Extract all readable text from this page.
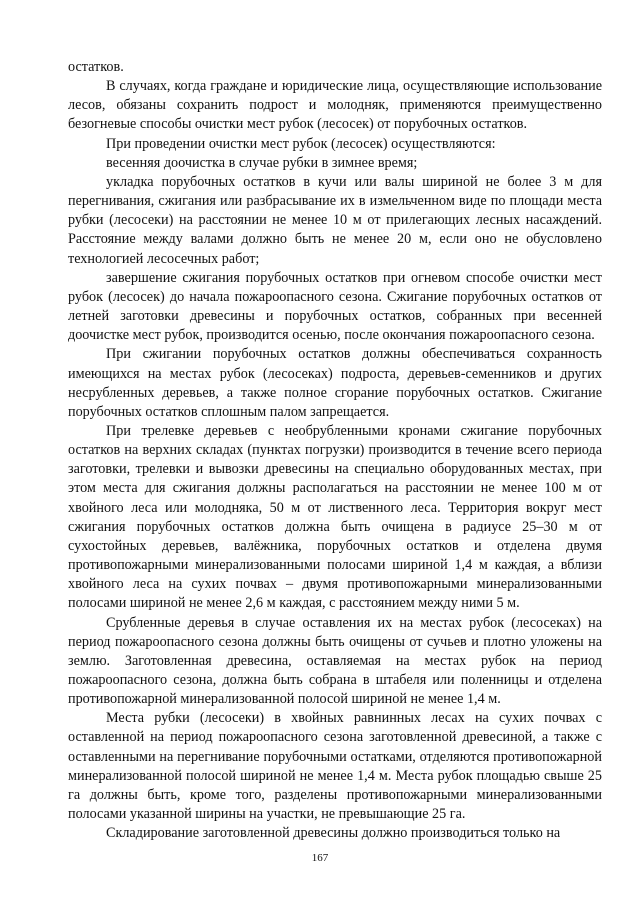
остатков.

В случаях, когда граждане и юридические лица, осуществляющие использование лесов, обязаны сохранить подрост и молодняк, применяются преимущественно безогневые способы очистки мест рубок (лесосек) от порубочных остатков.

При проведении очистки мест рубок (лесосек) осуществляются:

весенняя доочистка в случае рубки в зимнее время;

укладка порубочных остатков в кучи или валы шириной не более 3 м для перегнивания, сжигания или разбрасывание их в измельченном виде по площади места рубки (лесосеки) на расстоянии не менее 10 м от прилегающих лесных насаждений. Расстояние между валами должно быть не менее 20 м, если оно не обусловлено технологией лесосечных работ;

завершение сжигания порубочных остатков при огневом способе очистки мест рубок (лесосек) до начала пожароопасного сезона. Сжигание порубочных остатков от летней заготовки древесины и порубочных остатков, собранных при весенней доочистке мест рубок, производится осенью, после окончания пожароопасного сезона.

При сжигании порубочных остатков должны обеспечиваться сохранность имеющихся на местах рубок (лесосеках) подроста, деревьев-семенников и других несрубленных деревьев, а также полное сгорание порубочных остатков. Сжигание порубочных остатков сплошным палом запрещается.

При трелевке деревьев с необрубленными кронами сжигание порубочных остатков на верхних складах (пунктах погрузки) производится в течение всего периода заготовки, трелевки и вывозки древесины на специально оборудованных местах, при этом места для сжигания должны располагаться на расстоянии не менее 100 м от хвойного леса или молодняка, 50 м от лиственного леса. Территория вокруг мест сжигания порубочных остатков должна быть очищена в радиусе 25–30 м от сухостойных деревьев, валёжника, порубочных остатков и отделена двумя противопожарными минерализованными полосами шириной 1,4 м каждая, а вблизи хвойного леса на сухих почвах – двумя противопожарными минерализованными полосами шириной не менее 2,6 м каждая, с расстоянием между ними 5 м.

Срубленные деревья в случае оставления их на местах рубок (лесосеках) на период пожароопасного сезона должны быть очищены от сучьев и плотно уложены на землю. Заготовленная древесина, оставляемая на местах рубок на период пожароопасного сезона, должна быть собрана в штабеля или поленницы и отделена противопожарной минерализованной полосой шириной не менее 1,4 м.

Места рубки (лесосеки) в хвойных равнинных лесах на сухих почвах с оставленной на период пожароопасного сезона заготовленной древесиной, а также с оставленными на перегнивание порубочными остатками, отделяются противопожарной минерализованной полосой шириной не менее 1,4 м. Места рубок площадью свыше 25 га должны быть, кроме того, разделены противопожарными минерализованными полосами указанной ширины на участки, не превышающие 25 га.

Складирование заготовленной древесины должно производиться только на

167
